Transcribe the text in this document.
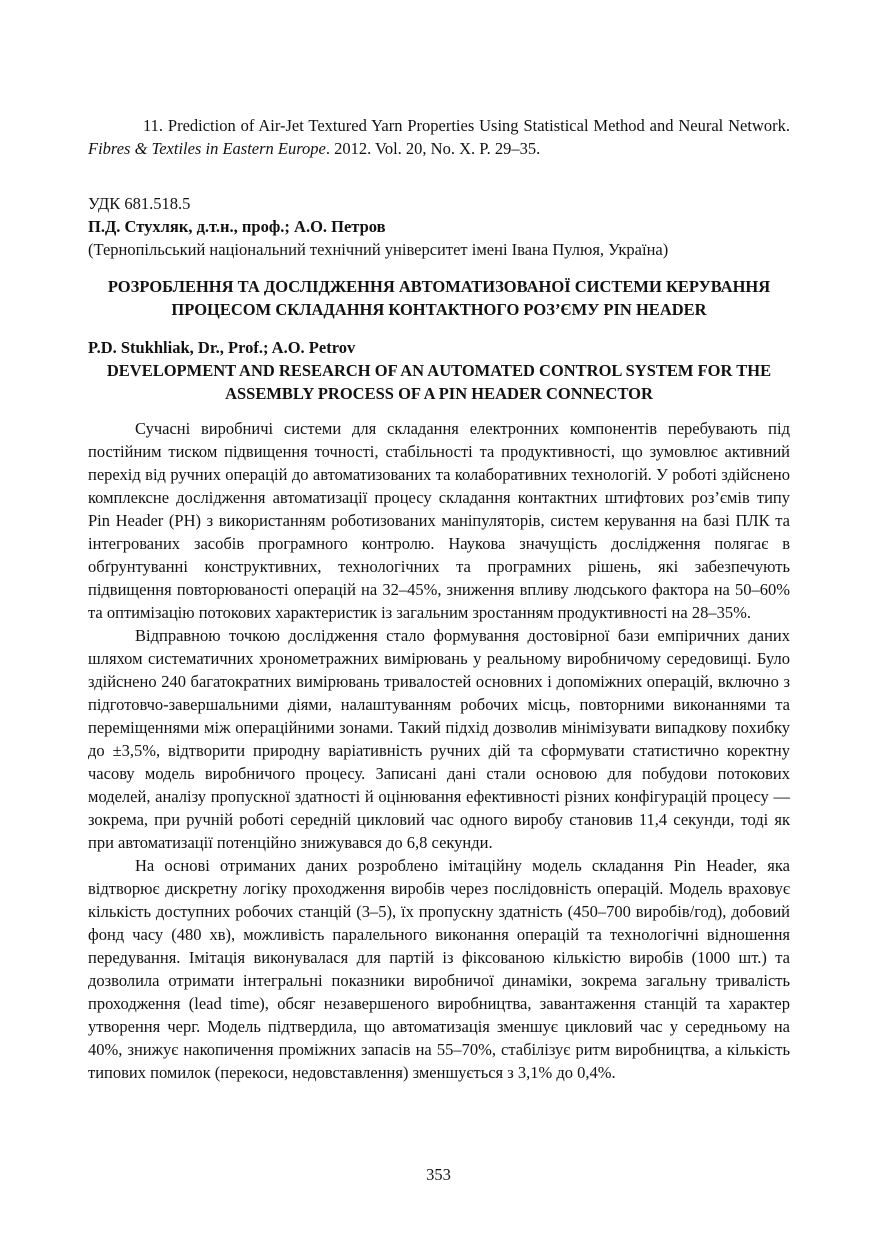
11. Prediction of Air-Jet Textured Yarn Properties Using Statistical Method and Neural Network. Fibres & Textiles in Eastern Europe. 2012. Vol. 20, No. X. P. 29–35.

УДК 681.518.5
П.Д. Стухляк, д.т.н., проф.; А.О. Петров
(Тернопільський національний технічний університет імені Івана Пулюя, Україна)
РОЗРОБЛЕННЯ ТА ДОСЛІДЖЕННЯ АВТОМАТИЗОВАНОЇ СИСТЕМИ КЕРУВАННЯ ПРОЦЕСОМ СКЛАДАННЯ КОНТАКТНОГО РОЗ’ЄМУ PIN HEADER
P.D. Stukhliak, Dr., Prof.; A.O. Petrov
DEVELOPMENT AND RESEARCH OF AN AUTOMATED CONTROL SYSTEM FOR THE ASSEMBLY PROCESS OF A PIN HEADER CONNECTOR

Сучасні виробничі системи для складання електронних компонентів перебувають під постійним тиском підвищення точності, стабільності та продуктивності, що зумовлює активний перехід від ручних операцій до автоматизованих та колаборативних технологій. У роботі здійснено комплексне дослідження автоматизації процесу складання контактних штифтових роз’ємів типу Pin Header (PH) з використанням роботизованих маніпуляторів, систем керування на базі ПЛК та інтегрованих засобів програмного контролю. Наукова значущість дослідження полягає в обґрунтуванні конструктивних, технологічних та програмних рішень, які забезпечують підвищення повторюваності операцій на 32–45%, зниження впливу людського фактора на 50–60% та оптимізацію потокових характеристик із загальним зростанням продуктивності на 28–35%.

Відправною точкою дослідження стало формування достовірної бази емпіричних даних шляхом систематичних хронометражних вимірювань у реальному виробничому середовищі. Було здійснено 240 багатократних вимірювань тривалостей основних і допоміжних операцій, включно з підготовчо-завершальними діями, налаштуванням робочих місць, повторними виконаннями та переміщеннями між операційними зонами. Такий підхід дозволив мінімізувати випадкову похибку до ±3,5%, відтворити природну варіативність ручних дій та сформувати статистично коректну часову модель виробничого процесу. Записані дані стали основою для побудови потокових моделей, аналізу пропускної здатності й оцінювання ефективності різних конфігурацій процесу — зокрема, при ручній роботі середній цикловий час одного виробу становив 11,4 секунди, тоді як при автоматизації потенційно знижувався до 6,8 секунди.

На основі отриманих даних розроблено імітаційну модель складання Pin Header, яка відтворює дискретну логіку проходження виробів через послідовність операцій. Модель враховує кількість доступних робочих станцій (3–5), їх пропускну здатність (450–700 виробів/год), добовий фонд часу (480 хв), можливість паралельного виконання операцій та технологічні відношення передування. Імітація виконувалася для партій із фіксованою кількістю виробів (1000 шт.) та дозволила отримати інтегральні показники виробничої динаміки, зокрема загальну тривалість проходження (lead time), обсяг незавершеного виробництва, завантаження станцій та характер утворення черг. Модель підтвердила, що автоматизація зменшує цикловий час у середньому на 40%, знижує накопичення проміжних запасів на 55–70%, стабілізує ритм виробництва, а кількість типових помилок (перекоси, недовставлення) зменшується з 3,1% до 0,4%.

353
